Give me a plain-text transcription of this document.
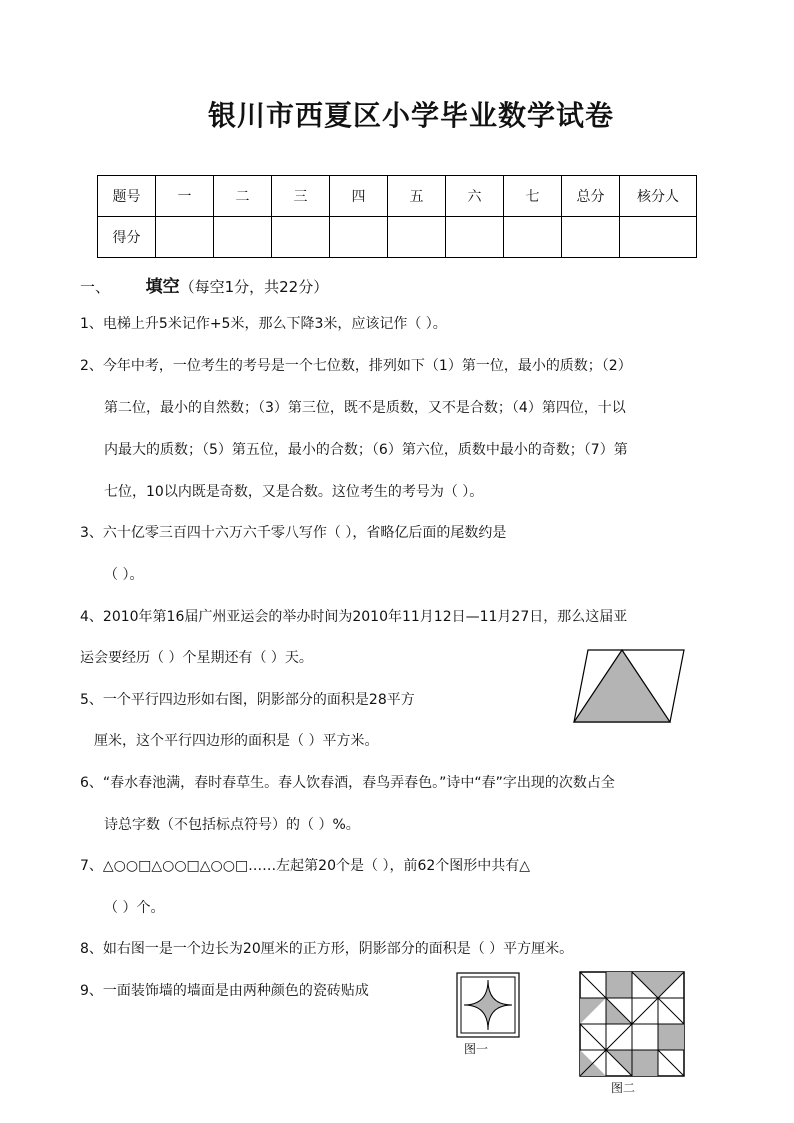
银川市西夏区小学毕业数学试卷
题号	一	二	三	四	五	六	七	总分	核分人
得分									
一、 填空（每空1分，共22分）
1、电梯上升5米记作+5米，那么下降3米，应该记作（ ）。
2、今年中考，一位考生的考号是一个七位数，排列如下（1）第一位，最小的质数；（2）
第二位，最小的自然数；（3）第三位，既不是质数，又不是合数；（4）第四位，十以
内最大的质数；（5）第五位，最小的合数；（6）第六位，质数中最小的奇数；（7）第
七位，10以内既是奇数，又是合数。这位考生的考号为（ ）。
3、六十亿零三百四十六万六千零八写作（ ），省略亿后面的尾数约是
（ ）。
4、2010年第16届广州亚运会的举办时间为2010年11月12日—11月27日，那么这届亚
运会要经历（ ）个星期还有（ ）天。
5、一个平行四边形如右图，阴影部分的面积是28平方
厘米，这个平行四边形的面积是（ ）平方米。
6、“春水春池满，春时春草生。春人饮春酒，春鸟弄春色。”诗中“春”字出现的次数占全
诗总字数（不包括标点符号）的（ ）%。
7、△○○□△○○□△○○□……左起第20个是（ ），前62个图形中共有△
（ ）个。
8、如右图一是一个边长为20厘米的正方形，阴影部分的面积是（ ）平方厘米。
9、一面装饰墙的墙面是由两种颜色的瓷砖贴成
图一
图二
